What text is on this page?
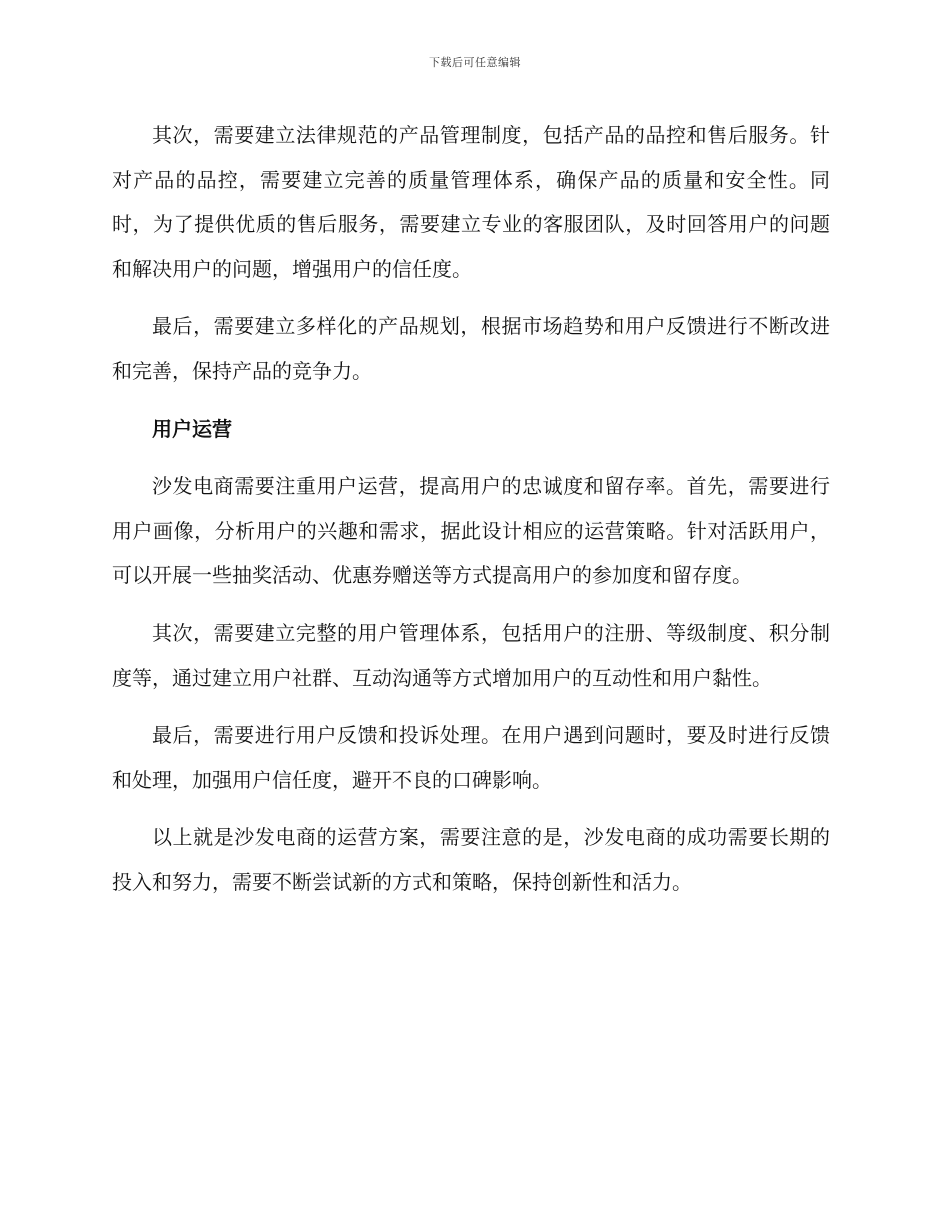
下载后可任意编辑

其次，需要建立法律规范的产品管理制度，包括产品的品控和售后服务。针对产品的品控，需要建立完善的质量管理体系，确保产品的质量和安全性。同时，为了提供优质的售后服务，需要建立专业的客服团队，及时回答用户的问题和解决用户的问题，增强用户的信任度。

最后，需要建立多样化的产品规划，根据市场趋势和用户反馈进行不断改进和完善，保持产品的竞争力。

用户运营

沙发电商需要注重用户运营，提高用户的忠诚度和留存率。首先，需要进行用户画像，分析用户的兴趣和需求，据此设计相应的运营策略。针对活跃用户，可以开展一些抽奖活动、优惠券赠送等方式提高用户的参加度和留存度。

其次，需要建立完整的用户管理体系，包括用户的注册、等级制度、积分制度等，通过建立用户社群、互动沟通等方式增加用户的互动性和用户黏性。

最后，需要进行用户反馈和投诉处理。在用户遇到问题时，要及时进行反馈和处理，加强用户信任度，避开不良的口碑影响。

以上就是沙发电商的运营方案，需要注意的是，沙发电商的成功需要长期的投入和努力，需要不断尝试新的方式和策略，保持创新性和活力。
